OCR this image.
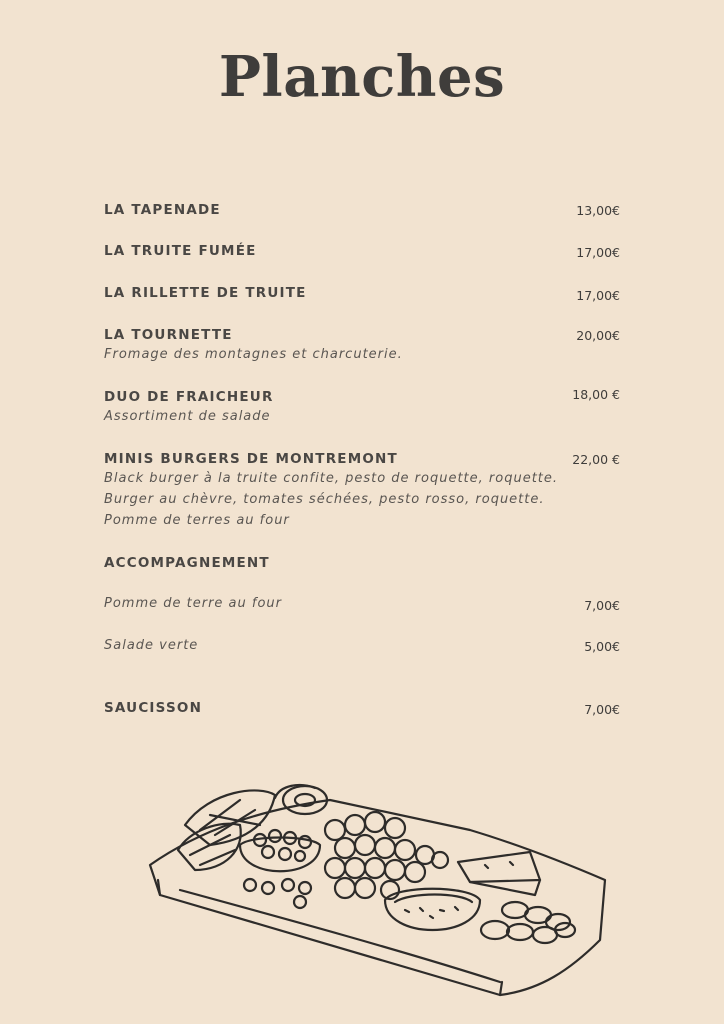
Planches
LA TAPENADE	13,00€
LA TRUITE FUMÉE	17,00€
LA RILLETTE DE TRUITE	17,00€
LA TOURNETTE	20,00€
Fromage des montagnes et charcuterie.
DUO DE FRAICHEUR	18,00 €
Assortiment de salade
MINIS BURGERS DE MONTREMONT	22,00 €
Black burger à la truite confite, pesto de roquette, roquette.
Burger au chèvre, tomates séchées, pesto rosso, roquette.
Pomme de terres au four
ACCOMPAGNEMENT
Pomme de terre au four	7,00€
Salade verte	5,00€
SAUCISSON	7,00€
